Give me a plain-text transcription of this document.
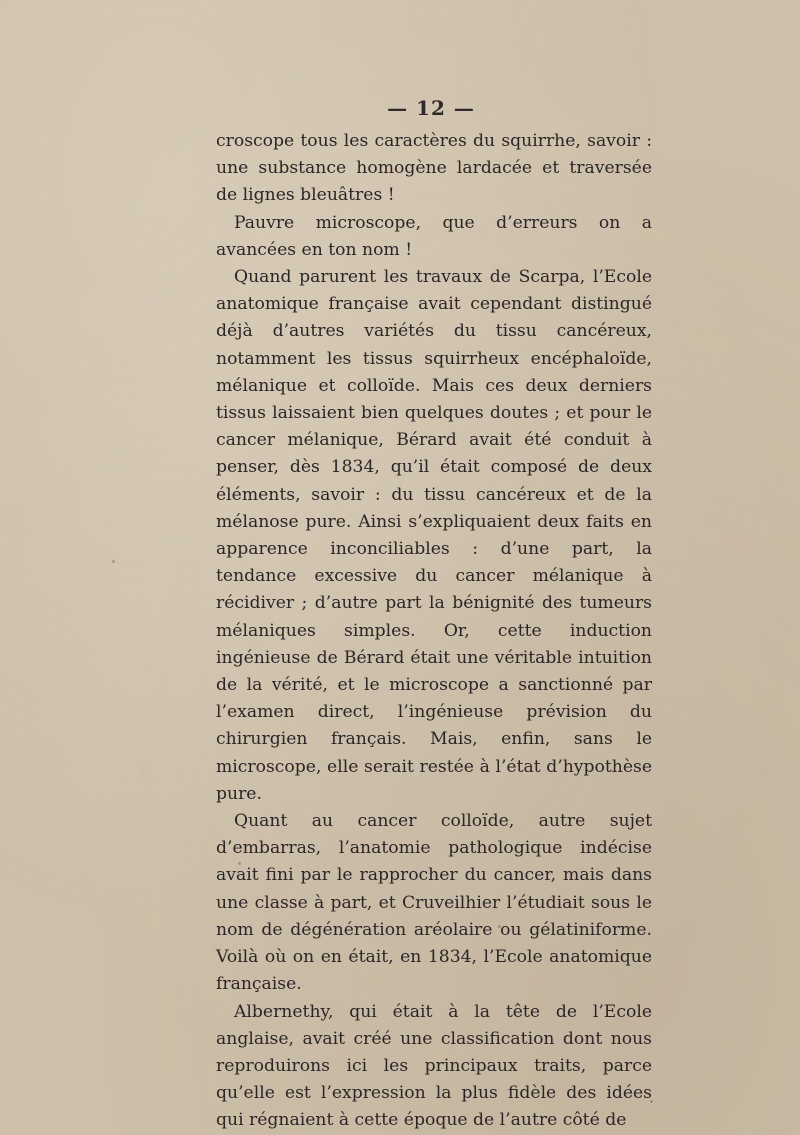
— 12 —

croscope tous les caractères du squirrhe, savoir : une substance homogène lardacée et traversée de lignes bleuâtres !

Pauvre microscope, que d’erreurs on a avancées en ton nom !

Quand parurent les travaux de Scarpa, l’Ecole anatomique française avait cependant distingué déjà d’autres variétés du tissu cancéreux, notamment les tissus squirrheux encéphaloïde, mélanique et colloïde. Mais ces deux derniers tissus laissaient bien quelques doutes ; et pour le cancer mélanique, Bérard avait été conduit à penser, dès 1834, qu’il était composé de deux éléments, savoir : du tissu cancéreux et de la mélanose pure. Ainsi s’expliquaient deux faits en apparence inconciliables : d’une part, la tendance excessive du cancer mélanique à récidiver ; d’autre part la bénignité des tumeurs mélaniques simples. Or, cette induction ingénieuse de Bérard était une véritable intuition de la vérité, et le microscope a sanctionné par l’examen direct, l’ingénieuse prévision du chirurgien français. Mais, enfin, sans le microscope, elle serait restée à l’état d’hypothèse pure.

Quant au cancer colloïde, autre sujet d’embarras, l’anatomie pathologique indécise avait fini par le rapprocher du cancer, mais dans une classe à part, et Cruveilhier l’étudiait sous le nom de dégénération aréolaire ou gélatiniforme. Voilà où on en était, en 1834, l’Ecole anatomique française.

Albernethy, qui était à la tête de l’Ecole anglaise, avait créé une classification dont nous reproduirons ici les principaux traits, parce qu’elle est l’expression la plus fidèle des idées qui régnaient à cette époque de l’autre côté de
